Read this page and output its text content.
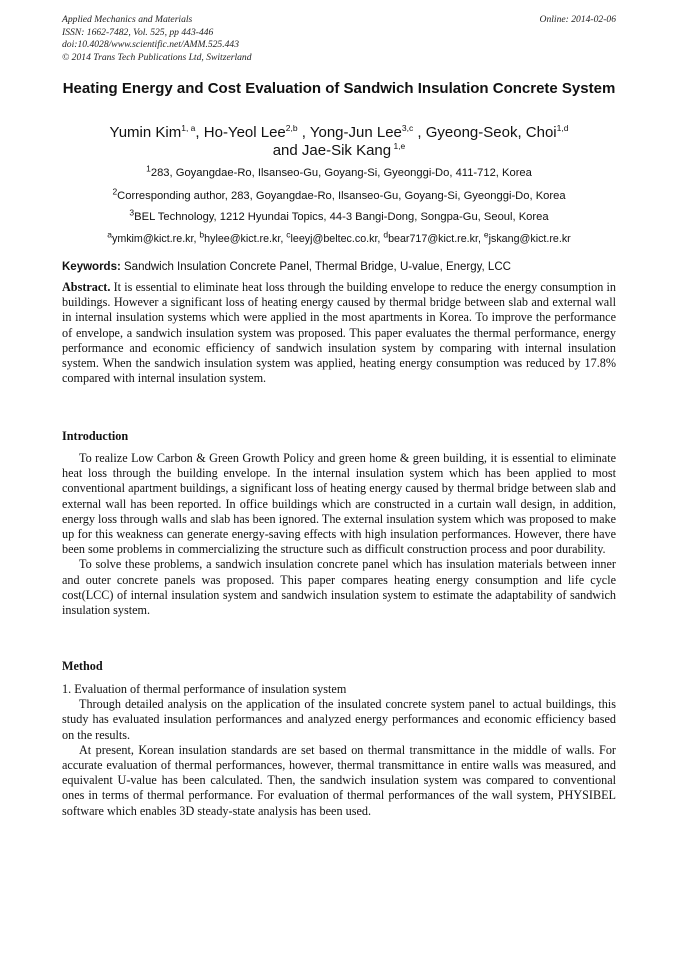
Applied Mechanics and Materials
ISSN: 1662-7482, Vol. 525, pp 443-446
doi:10.4028/www.scientific.net/AMM.525.443
© 2014 Trans Tech Publications Ltd, Switzerland
Online: 2014-02-06
Heating Energy and Cost Evaluation of Sandwich Insulation Concrete System
Yumin Kim$^{1, a}$, Ho-Yeol Lee$^{2,b}$ , Yong-Jun Lee$^{3,c}$ , Gyeong-Seok, Choi$^{1,d}$
and Jae-Sik Kang $^{1,e}$
$^1$283, Goyangdae-Ro, Ilsanseo-Gu, Goyang-Si, Gyeonggi-Do, 411-712, Korea
$^2$Corresponding author, 283, Goyangdae-Ro, Ilsanseo-Gu, Goyang-Si, Gyeonggi-Do, Korea
$^3$BEL Technology, 1212 Hyundai Topics, 44-3 Bangi-Dong, Songpa-Gu, Seoul, Korea
$^a$ymkim@kict.re.kr, $^b$hylee@kict.re.kr, $^c$leeyj@beltec.co.kr, $^d$bear717@kict.re.kr, $^e$jskang@kict.re.kr
Keywords: Sandwich Insulation Concrete Panel, Thermal Bridge, U-value, Energy, LCC

Abstract. It is essential to eliminate heat loss through the building envelope to reduce the energy consumption in buildings. However a significant loss of heating energy caused by thermal bridge between slab and external wall in internal insulation systems which were applied in the most apartments in Korea. To improve the performance of envelope, a sandwich insulation system was proposed. This paper evaluates the thermal performance, energy performance and economic efficiency of sandwich insulation system by comparing with internal insulation system. When the sandwich insulation system was applied, heating energy consumption was reduced by 17.8% compared with internal insulation system.

Introduction

To realize Low Carbon & Green Growth Policy and green home & green building, it is essential to eliminate heat loss through the building envelope. In the internal insulation system which has been applied to most conventional apartment buildings, a significant loss of heating energy caused by thermal bridge between slab and external wall has been reported. In office buildings which are constructed in a curtain wall design, in addition, energy loss through walls and slab has been ignored. The external insulation system which was proposed to make up for this weakness can generate energy-saving effects with high insulation performances. However, there have been some problems in commercializing the structure such as difficult construction process and poor durability.

To solve these problems, a sandwich insulation concrete panel which has insulation materials between inner and outer concrete panels was proposed. This paper compares heating energy consumption and life cycle cost(LCC) of internal insulation system and sandwich insulation system to estimate the adaptability of sandwich insulation system.

Method

1. Evaluation of thermal performance of insulation system

Through detailed analysis on the application of the insulated concrete system panel to actual buildings, this study has evaluated insulation performances and analyzed energy performances and economic efficiency based on the results.

At present, Korean insulation standards are set based on thermal transmittance in the middle of walls. For accurate evaluation of thermal performances, however, thermal transmittance in entire walls was measured, and equivalent U-value has been calculated. Then, the sandwich insulation system was compared to conventional ones in terms of thermal performance. For evaluation of thermal performances of the wall system, PHYSIBEL software which enables 3D steady-state analysis has been used.
